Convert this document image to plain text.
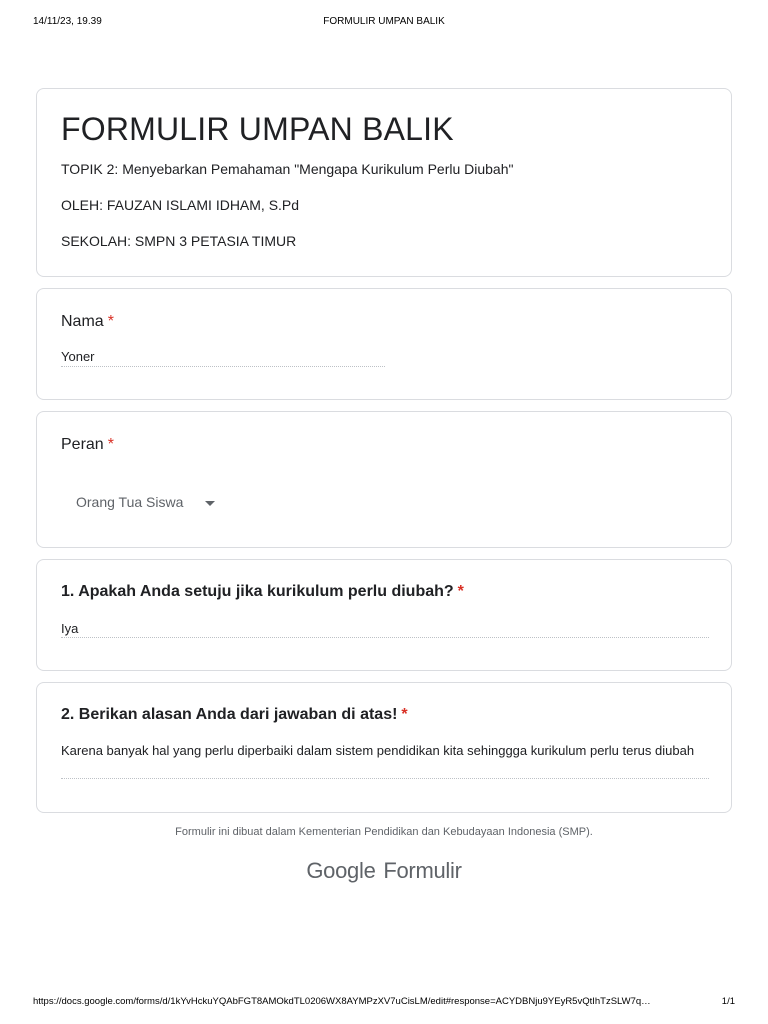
14/11/23, 19.39	FORMULIR UMPAN BALIK
FORMULIR UMPAN BALIK
TOPIK 2: Menyebarkan Pemahaman "Mengapa Kurikulum Perlu Diubah"
OLEH: FAUZAN ISLAMI IDHAM, S.Pd
SEKOLAH: SMPN 3 PETASIA TIMUR
Nama *
Yoner
Peran *
Orang Tua Siswa
1. Apakah Anda setuju jika kurikulum perlu diubah? *
Iya
2. Berikan alasan Anda dari jawaban di atas! *
Karena banyak hal yang perlu diperbaiki dalam sistem pendidikan kita sehinggga kurikulum perlu terus diubah
Formulir ini dibuat dalam Kementerian Pendidikan dan Kebudayaan Indonesia (SMP).
Google Formulir
https://docs.google.com/forms/d/1kYvHckuYQAbFGT8AMOkdTL0206WX8AYMPzXV7uCisLM/edit#response=ACYDBNju9YEyR5vQtIhTzSLW7q…	1/1
